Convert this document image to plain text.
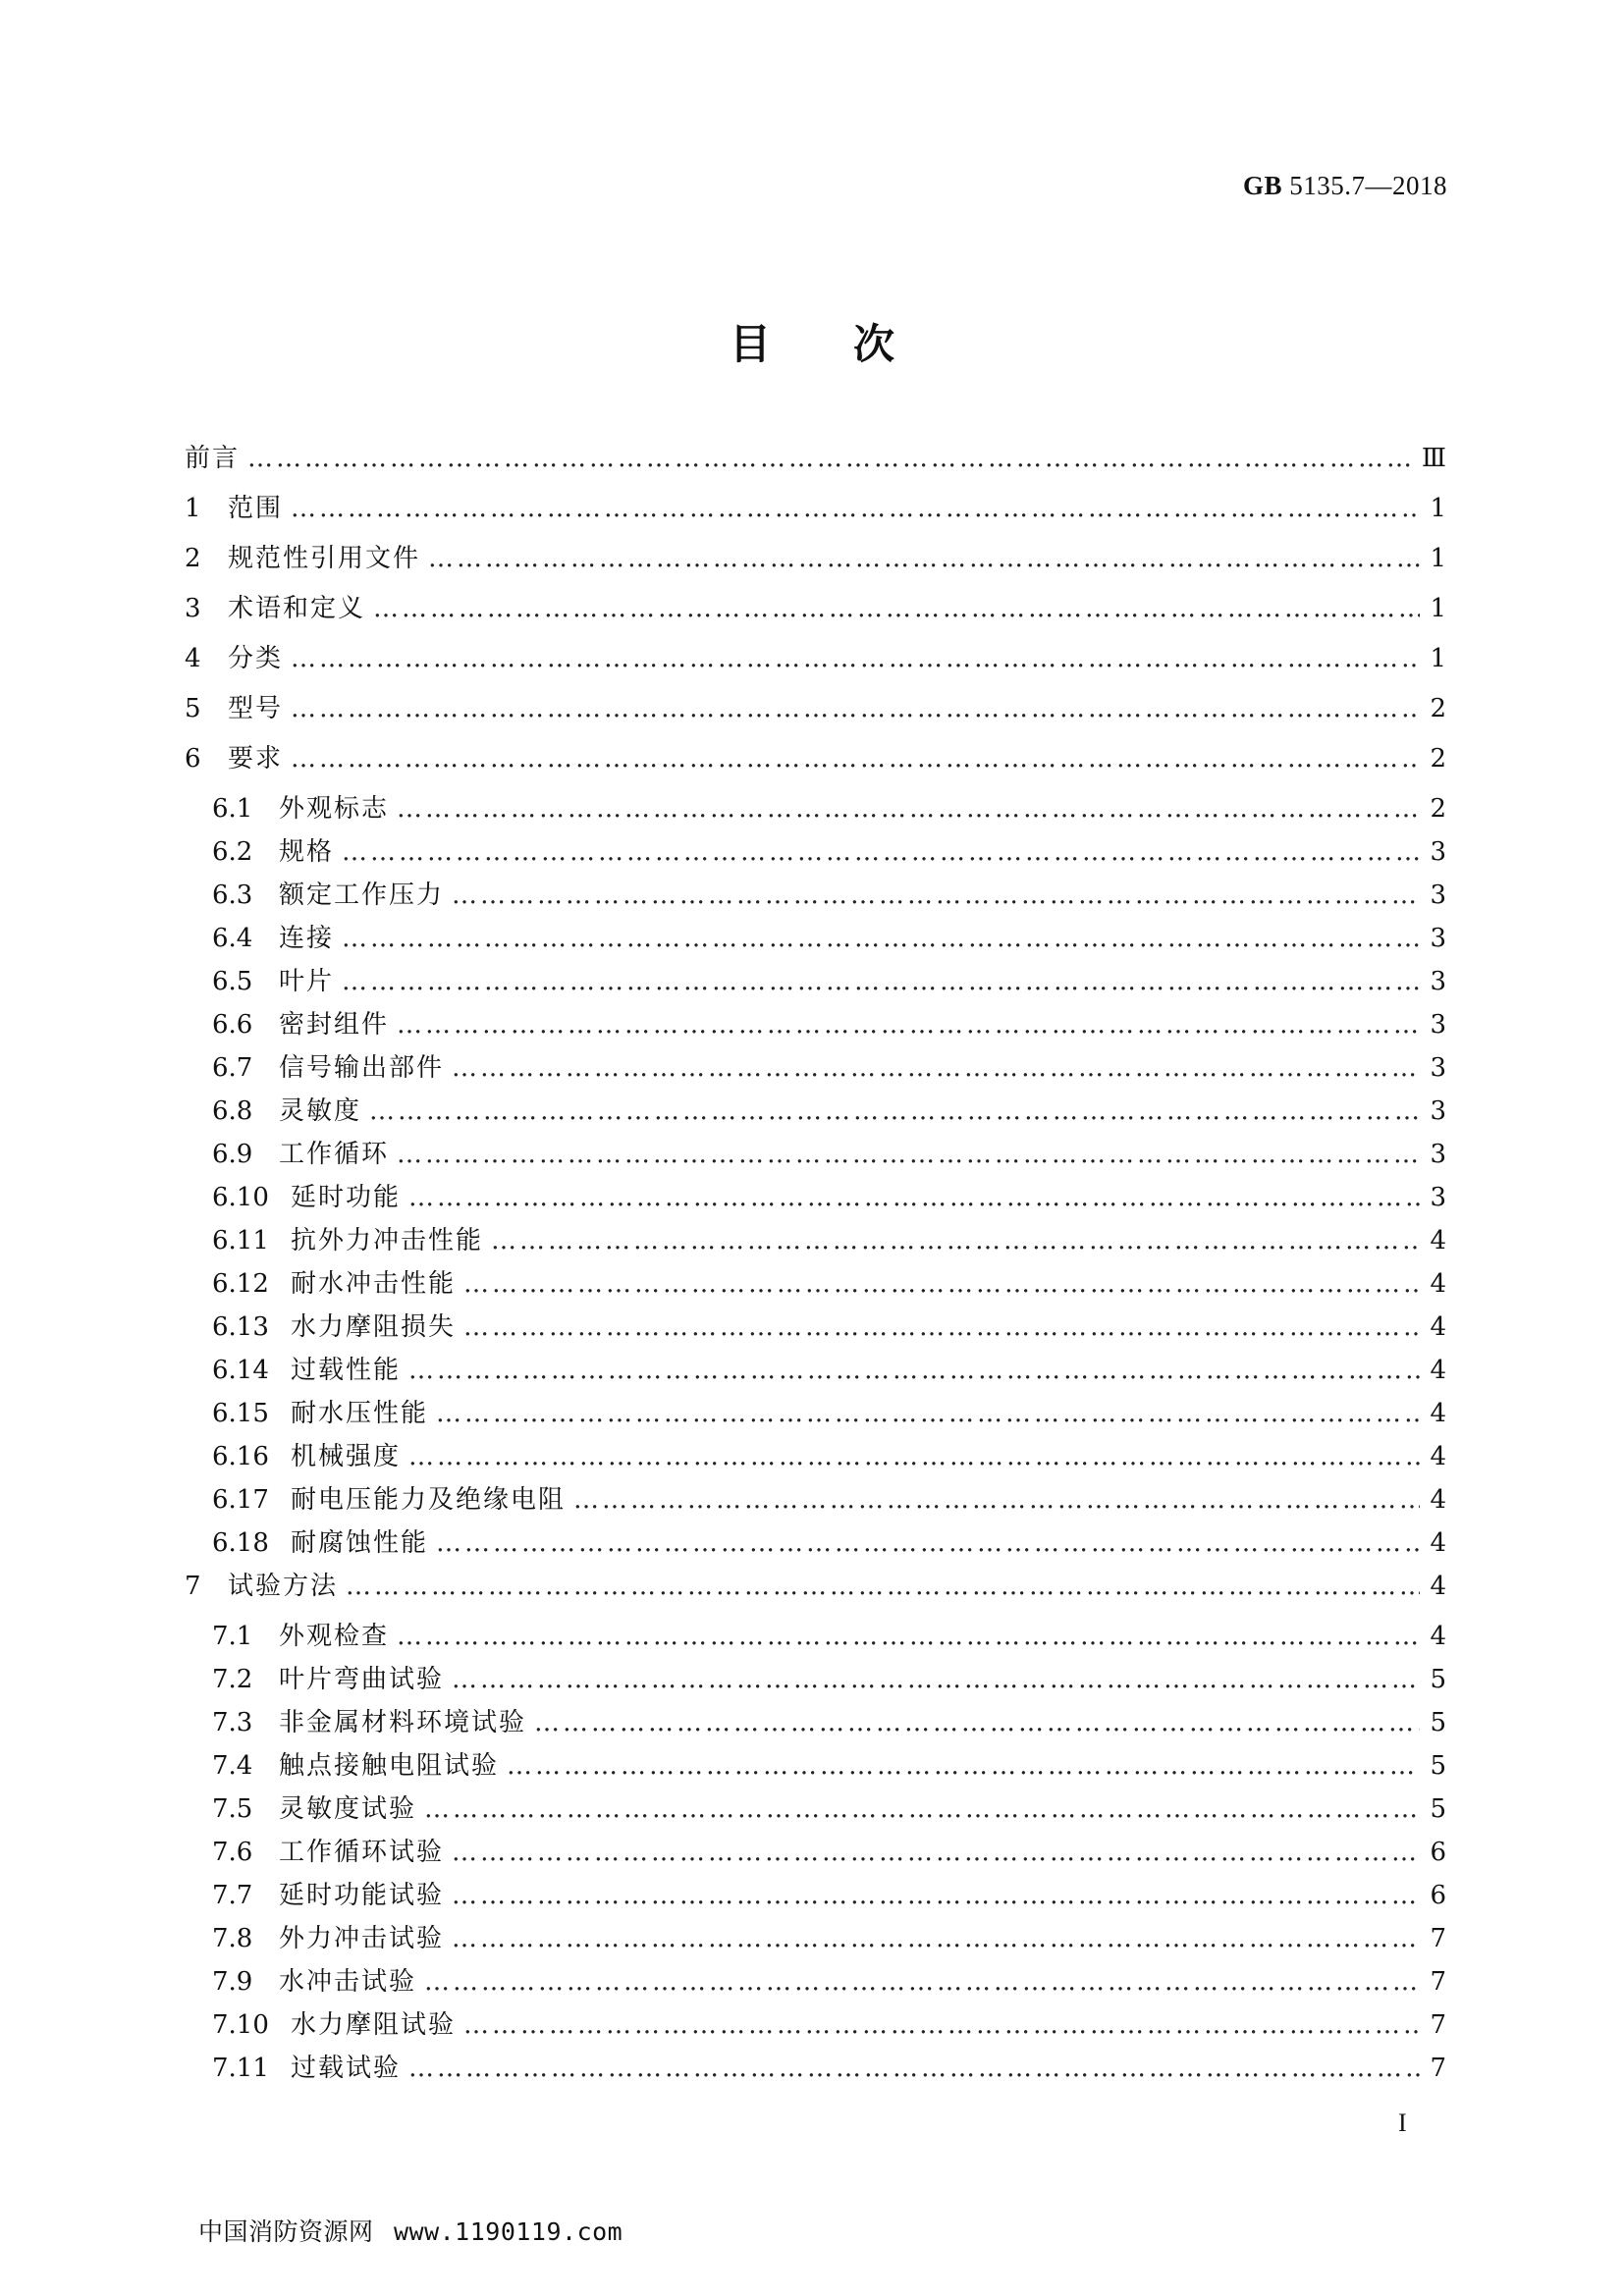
GB 5135.7—2018
目　　次
前言 …………………………………………………………………………………………………………………………………………………………………………………………………………………………………………………	Ⅲ
1	范围 …………………………………………………………………………………………………………………………………………………………………………………………………………………………………………………	1
2	规范性引用文件 …………………………………………………………………………………………………………………………………………………………………………………………………………………………………………………	1
3	术语和定义 …………………………………………………………………………………………………………………………………………………………………………………………………………………………………………………	1
4	分类 …………………………………………………………………………………………………………………………………………………………………………………………………………………………………………………	1
5	型号 …………………………………………………………………………………………………………………………………………………………………………………………………………………………………………………	2
6	要求 …………………………………………………………………………………………………………………………………………………………………………………………………………………………………………………	2
6.1	外观标志 …………………………………………………………………………………………………………………………………………………………………………………………………………………………………………………	2
6.2	规格 …………………………………………………………………………………………………………………………………………………………………………………………………………………………………………………	3
6.3	额定工作压力 …………………………………………………………………………………………………………………………………………………………………………………………………………………………………………………	3
6.4	连接 …………………………………………………………………………………………………………………………………………………………………………………………………………………………………………………	3
6.5	叶片 …………………………………………………………………………………………………………………………………………………………………………………………………………………………………………………	3
6.6	密封组件 …………………………………………………………………………………………………………………………………………………………………………………………………………………………………………………	3
6.7	信号输出部件 …………………………………………………………………………………………………………………………………………………………………………………………………………………………………………………	3
6.8	灵敏度 …………………………………………………………………………………………………………………………………………………………………………………………………………………………………………………	3
6.9	工作循环 …………………………………………………………………………………………………………………………………………………………………………………………………………………………………………………	3
6.10 延时功能 …………………………………………………………………………………………………………………………………………………………………………………………………………………………………………………	3
6.11 抗外力冲击性能 …………………………………………………………………………………………………………………………………………………………………………………………………………………………………………………	4
6.12 耐水冲击性能 …………………………………………………………………………………………………………………………………………………………………………………………………………………………………………………	4
6.13 水力摩阻损失 …………………………………………………………………………………………………………………………………………………………………………………………………………………………………………………	4
6.14 过载性能 …………………………………………………………………………………………………………………………………………………………………………………………………………………………………………………	4
6.15 耐水压性能 …………………………………………………………………………………………………………………………………………………………………………………………………………………………………………………	4
6.16 机械强度 …………………………………………………………………………………………………………………………………………………………………………………………………………………………………………………	4
6.17 耐电压能力及绝缘电阻 …………………………………………………………………………………………………………………………………………………………………………………………………………………………………………………	4
6.18 耐腐蚀性能 …………………………………………………………………………………………………………………………………………………………………………………………………………………………………………………	4
7	试验方法 …………………………………………………………………………………………………………………………………………………………………………………………………………………………………………………	4
7.1	外观检查 …………………………………………………………………………………………………………………………………………………………………………………………………………………………………………………	4
7.2	叶片弯曲试验 …………………………………………………………………………………………………………………………………………………………………………………………………………………………………………………	5
7.3	非金属材料环境试验 …………………………………………………………………………………………………………………………………………………………………………………………………………………………………………………	5
7.4	触点接触电阻试验 …………………………………………………………………………………………………………………………………………………………………………………………………………………………………………………	5
7.5	灵敏度试验 …………………………………………………………………………………………………………………………………………………………………………………………………………………………………………………	5
7.6	工作循环试验 …………………………………………………………………………………………………………………………………………………………………………………………………………………………………………………	6
7.7	延时功能试验 …………………………………………………………………………………………………………………………………………………………………………………………………………………………………………………	6
7.8	外力冲击试验 …………………………………………………………………………………………………………………………………………………………………………………………………………………………………………………	7
7.9	水冲击试验 …………………………………………………………………………………………………………………………………………………………………………………………………………………………………………………	7
7.10 水力摩阻试验 …………………………………………………………………………………………………………………………………………………………………………………………………………………………………………………	7
7.11 过载试验 …………………………………………………………………………………………………………………………………………………………………………………………………………………………………………………	7
I
中国消防资源网 www.1190119.com
